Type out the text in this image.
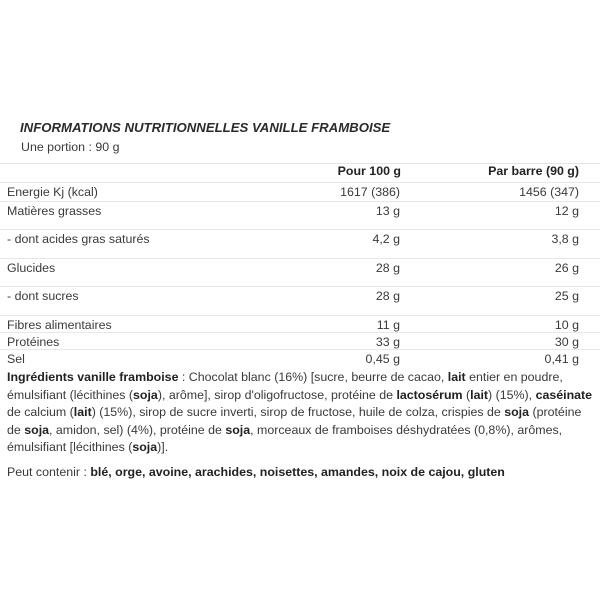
INFORMATIONS NUTRITIONNELLES VANILLE FRAMBOISE
Une portion : 90 g
Pour 100 g	Par barre (90 g)
Energie Kj (kcal)	1617 (386)	1456 (347)
Matières grasses	13 g	12 g
- dont acides gras saturés	4,2 g	3,8 g
Glucides	28 g	26 g
- dont sucres	28 g	25 g
Fibres alimentaires	11 g	10 g
Protéines	33 g	30 g
Sel	0,45 g	0,41 g

Ingrédients vanille framboise : Chocolat blanc (16%) [sucre, beurre de cacao, lait entier en poudre, émulsifiant (lécithines (soja), arôme], sirop d'oligofructose, protéine de lactosérum (lait) (15%), caséinate de calcium (lait) (15%), sirop de sucre inverti, sirop de fructose, huile de colza, crispies de soja (protéine de soja, amidon, sel) (4%), protéine de soja, morceaux de framboises déshydratées (0,8%), arômes, émulsifiant [lécithines (soja)].

Peut contenir : blé, orge, avoine, arachides, noisettes, amandes, noix de cajou, gluten
